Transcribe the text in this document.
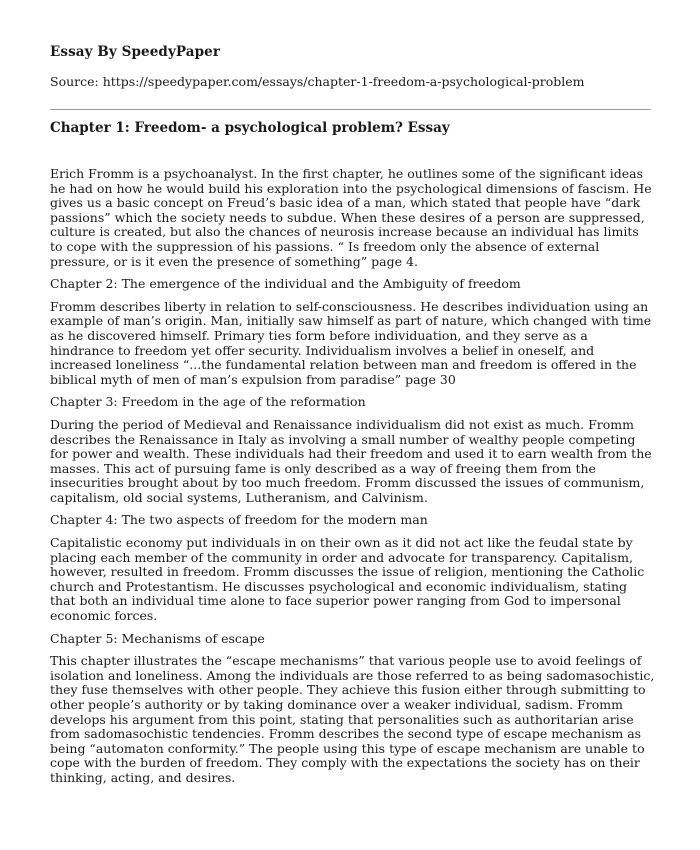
Essay By SpeedyPaper
Source: https://speedypaper.com/essays/chapter-1-freedom-a-psychological-problem
Chapter 1: Freedom- a psychological problem? Essay

Erich Fromm is a psychoanalyst. In the first chapter, he outlines some of the significant ideas he had on how he would build his exploration into the psychological dimensions of fascism. He gives us a basic concept on Freud’s basic idea of a man, which stated that people have “dark passions” which the society needs to subdue. When these desires of a person are suppressed, culture is created, but also the chances of neurosis increase because an individual has limits to cope with the suppression of his passions. “ Is freedom only the absence of external pressure, or is it even the presence of something” page 4.

Chapter 2: The emergence of the individual and the Ambiguity of freedom

Fromm describes liberty in relation to self-consciousness. He describes individuation using an example of man’s origin. Man, initially saw himself as part of nature, which changed with time as he discovered himself. Primary ties form before individuation, and they serve as a hindrance to freedom yet offer security. Individualism involves a belief in oneself, and increased loneliness “...the fundamental relation between man and freedom is offered in the biblical myth of men of man’s expulsion from paradise” page 30

Chapter 3: Freedom in the age of the reformation

During the period of Medieval and Renaissance individualism did not exist as much. Fromm describes the Renaissance in Italy as involving a small number of wealthy people competing for power and wealth. These individuals had their freedom and used it to earn wealth from the masses. This act of pursuing fame is only described as a way of freeing them from the insecurities brought about by too much freedom. Fromm discussed the issues of communism, capitalism, old social systems, Lutheranism, and Calvinism.

Chapter 4: The two aspects of freedom for the modern man

Capitalistic economy put individuals in on their own as it did not act like the feudal state by placing each member of the community in order and advocate for transparency. Capitalism, however, resulted in freedom. Fromm discusses the issue of religion, mentioning the Catholic church and Protestantism. He discusses psychological and economic individualism, stating that both an individual time alone to face superior power ranging from God to impersonal economic forces.

Chapter 5: Mechanisms of escape

This chapter illustrates the “escape mechanisms” that various people use to avoid feelings of isolation and loneliness. Among the individuals are those referred to as being sadomasochistic, they fuse themselves with other people. They achieve this fusion either through submitting to other people’s authority or by taking dominance over a weaker individual, sadism. Fromm develops his argument from this point, stating that personalities such as authoritarian arise from sadomasochistic tendencies. Fromm describes the second type of escape mechanism as being “automaton conformity.” The people using this type of escape mechanism are unable to cope with the burden of freedom. They comply with the expectations the society has on their thinking, acting, and desires.
